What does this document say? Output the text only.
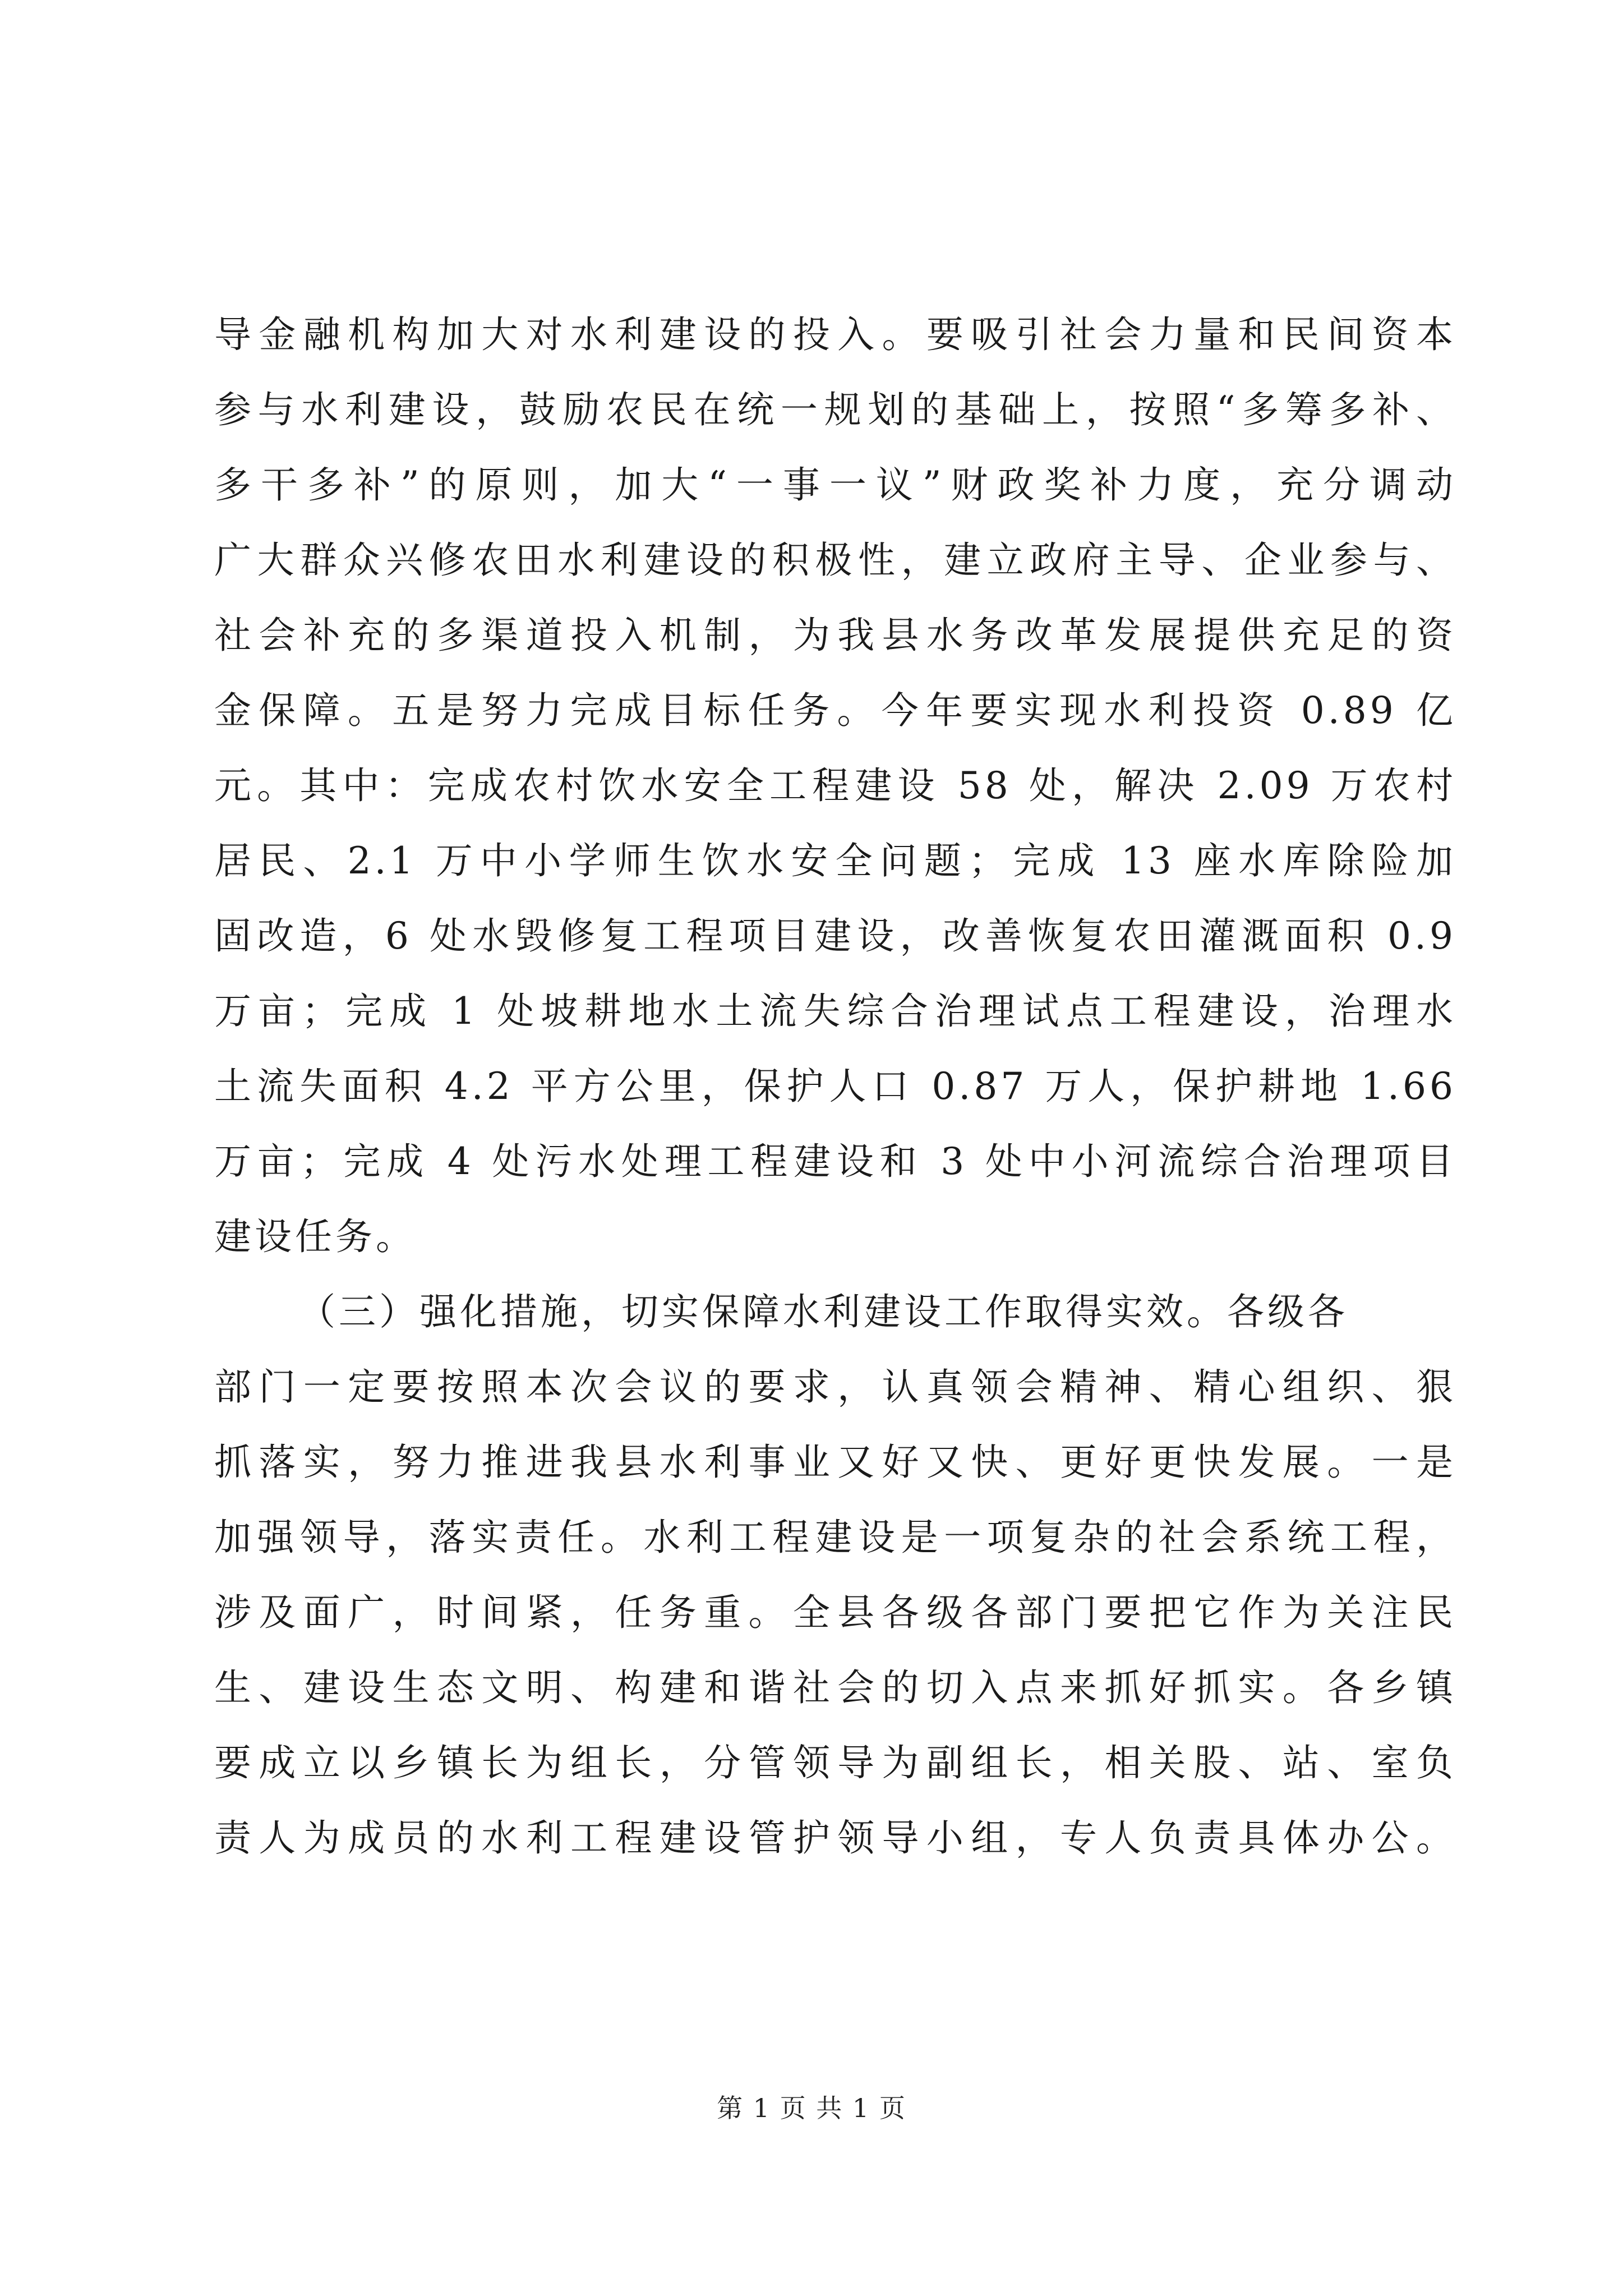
导金融机构加大对水利建设的投入。要吸引社会力量和民间资本
参与水利建设，鼓励农民在统一规划的基础上，按照“多筹多补、
多干多补”的原则，加大“一事一议”财政奖补力度，充分调动
广大群众兴修农田水利建设的积极性，建立政府主导、企业参与、
社会补充的多渠道投入机制，为我县水务改革发展提供充足的资
金保障。五是努力完成目标任务。今年要实现水利投资 0.89 亿
元。其中：完成农村饮水安全工程建设 58 处，解决 2.09 万农村
居民、2.1 万中小学师生饮水安全问题；完成 13 座水库除险加
固改造，6 处水毁修复工程项目建设，改善恢复农田灌溉面积 0.9
万亩；完成 1 处坡耕地水土流失综合治理试点工程建设，治理水
土流失面积 4.2 平方公里，保护人口 0.87 万人，保护耕地 1.66
万亩；完成 4 处污水处理工程建设和 3 处中小河流综合治理项目
建设任务。
（三）强化措施，切实保障水利建设工作取得实效。各级各
部门一定要按照本次会议的要求，认真领会精神、精心组织、狠
抓落实，努力推进我县水利事业又好又快、更好更快发展。一是
加强领导，落实责任。水利工程建设是一项复杂的社会系统工程，
涉及面广，时间紧，任务重。全县各级各部门要把它作为关注民
生、建设生态文明、构建和谐社会的切入点来抓好抓实。各乡镇
要成立以乡镇长为组长，分管领导为副组长，相关股、站、室负
责人为成员的水利工程建设管护领导小组，专人负责具体办公。
第 1 页 共 1 页
